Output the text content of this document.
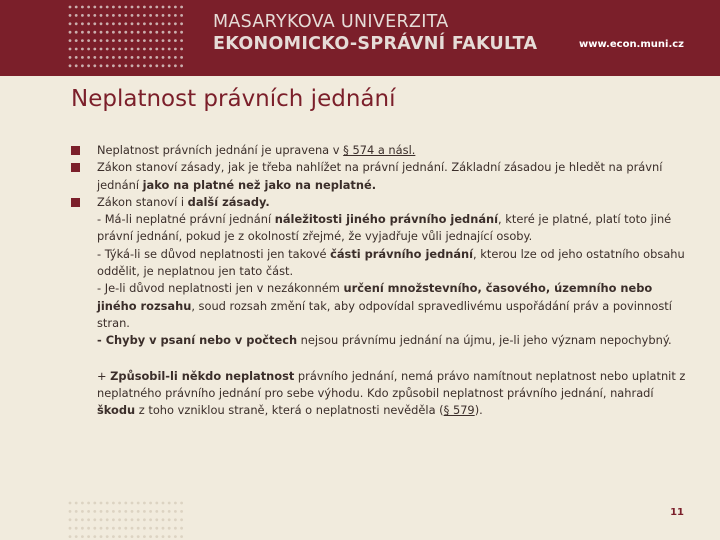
MASARYKOVA UNIVERZITA
EKONOMICKO-SPRÁVNÍ FAKULTA	www.econ.muni.cz
Neplatnost právních jednání
Neplatnost právních jednání je upravena v § 574 a násl.
Zákon stanoví zásady, jak je třeba nahlížet na právní jednání. Základní zásadou je hledět na právní jednání jako na platné než jako na neplatné.
Zákon stanoví i další zásady.
- Má-li neplatné právní jednání náležitosti jiného právního jednání, které je platné, platí toto jiné právní jednání, pokud je z okolností zřejmé, že vyjadřuje vůli jednající osoby.
- Týká-li se důvod neplatnosti jen takové části právního jednání, kterou lze od jeho ostatního obsahu oddělit, je neplatnou jen tato část.
- Je-li důvod neplatnosti jen v nezákonném určení množstevního, časového, územního nebo jiného rozsahu, soud rozsah změní tak, aby odpovídal spravedlivému uspořádání práv a povinností stran.
- Chyby v psaní nebo v počtech nejsou právnímu jednání na újmu, je-li jeho význam nepochybný.
+ Způsobil-li někdo neplatnost právního jednání, nemá právo namítnout neplatnost nebo uplatnit z neplatného právního jednání pro sebe výhodu. Kdo způsobil neplatnost právního jednání, nahradí škodu z toho vzniklou straně, která o neplatnosti nevěděla (§ 579).
11
